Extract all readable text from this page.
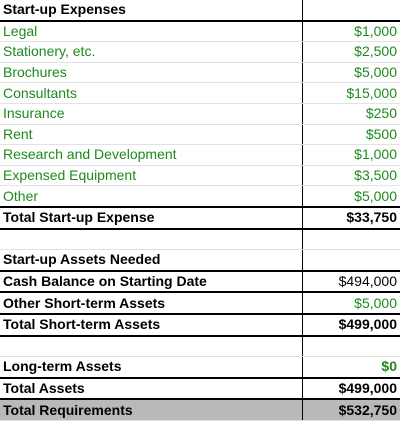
Start-up Expenses	
Legal	$1,000
Stationery, etc.	$2,500
Brochures	$5,000
Consultants	$15,000
Insurance	$250
Rent	$500
Research and Development	$1,000
Expensed Equipment	$3,500
Other	$5,000
Total Start-up Expense	$33,750

Start-up Assets Needed	
Cash Balance on Starting Date	$494,000
Other Short-term Assets	$5,000
Total Short-term Assets	$499,000

Long-term Assets	$0
Total Assets	$499,000
Total Requirements	$532,750
